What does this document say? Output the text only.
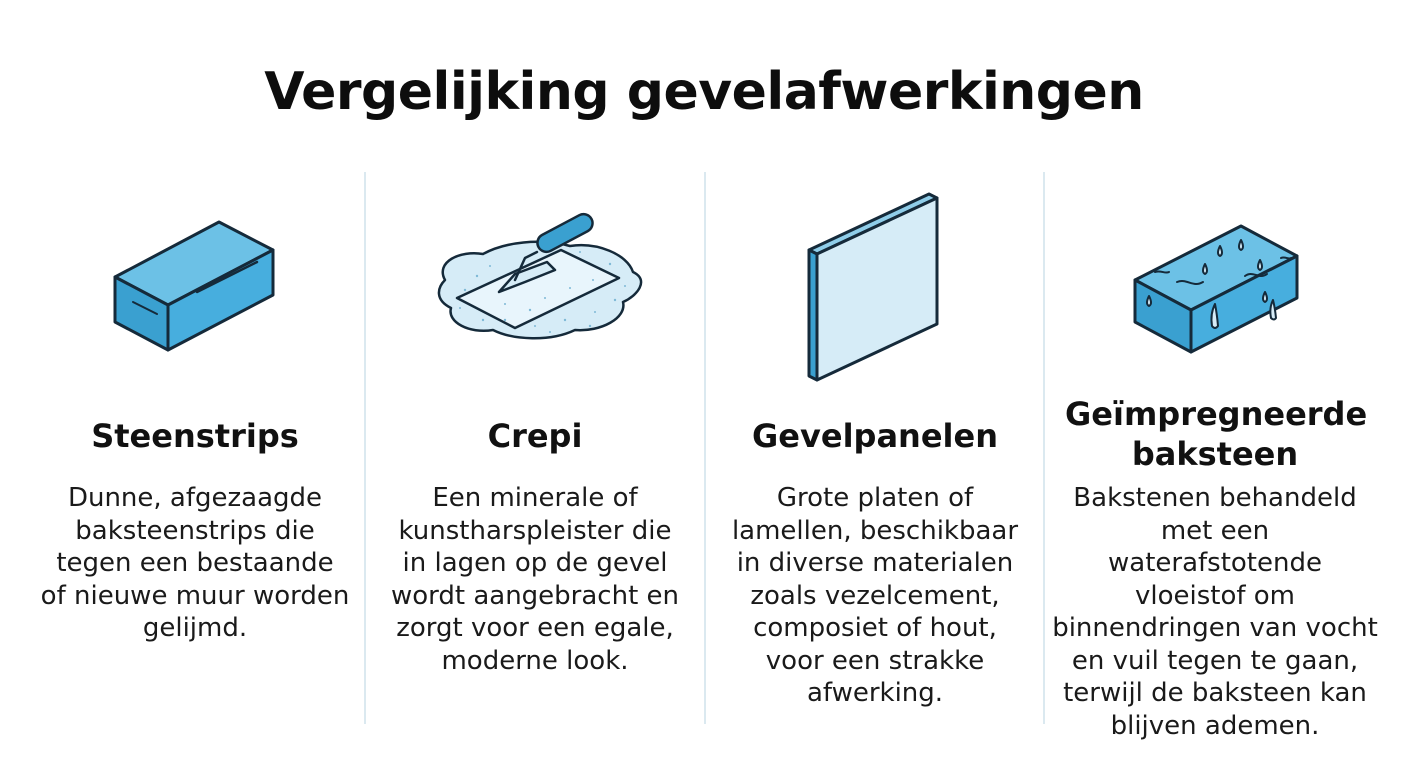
Vergelijking gevelafwerkingen
Steenstrips

Dunne, afgezaagde baksteenstrips die tegen een bestaande of nieuwe muur worden gelijmd.

Crepi

Een minerale of kunstharspleister die in lagen op de gevel wordt aangebracht en zorgt voor een egale, moderne look.

Gevelpanelen

Grote platen of lamellen, beschikbaar in diverse materialen zoals vezelcement, composiet of hout, voor een strakke afwerking.

Geïmpregneerde baksteen

Bakstenen behandeld met een waterafstotende vloeistof om binnendringen van vocht en vuil tegen te gaan, terwijl de baksteen kan blijven ademen.
